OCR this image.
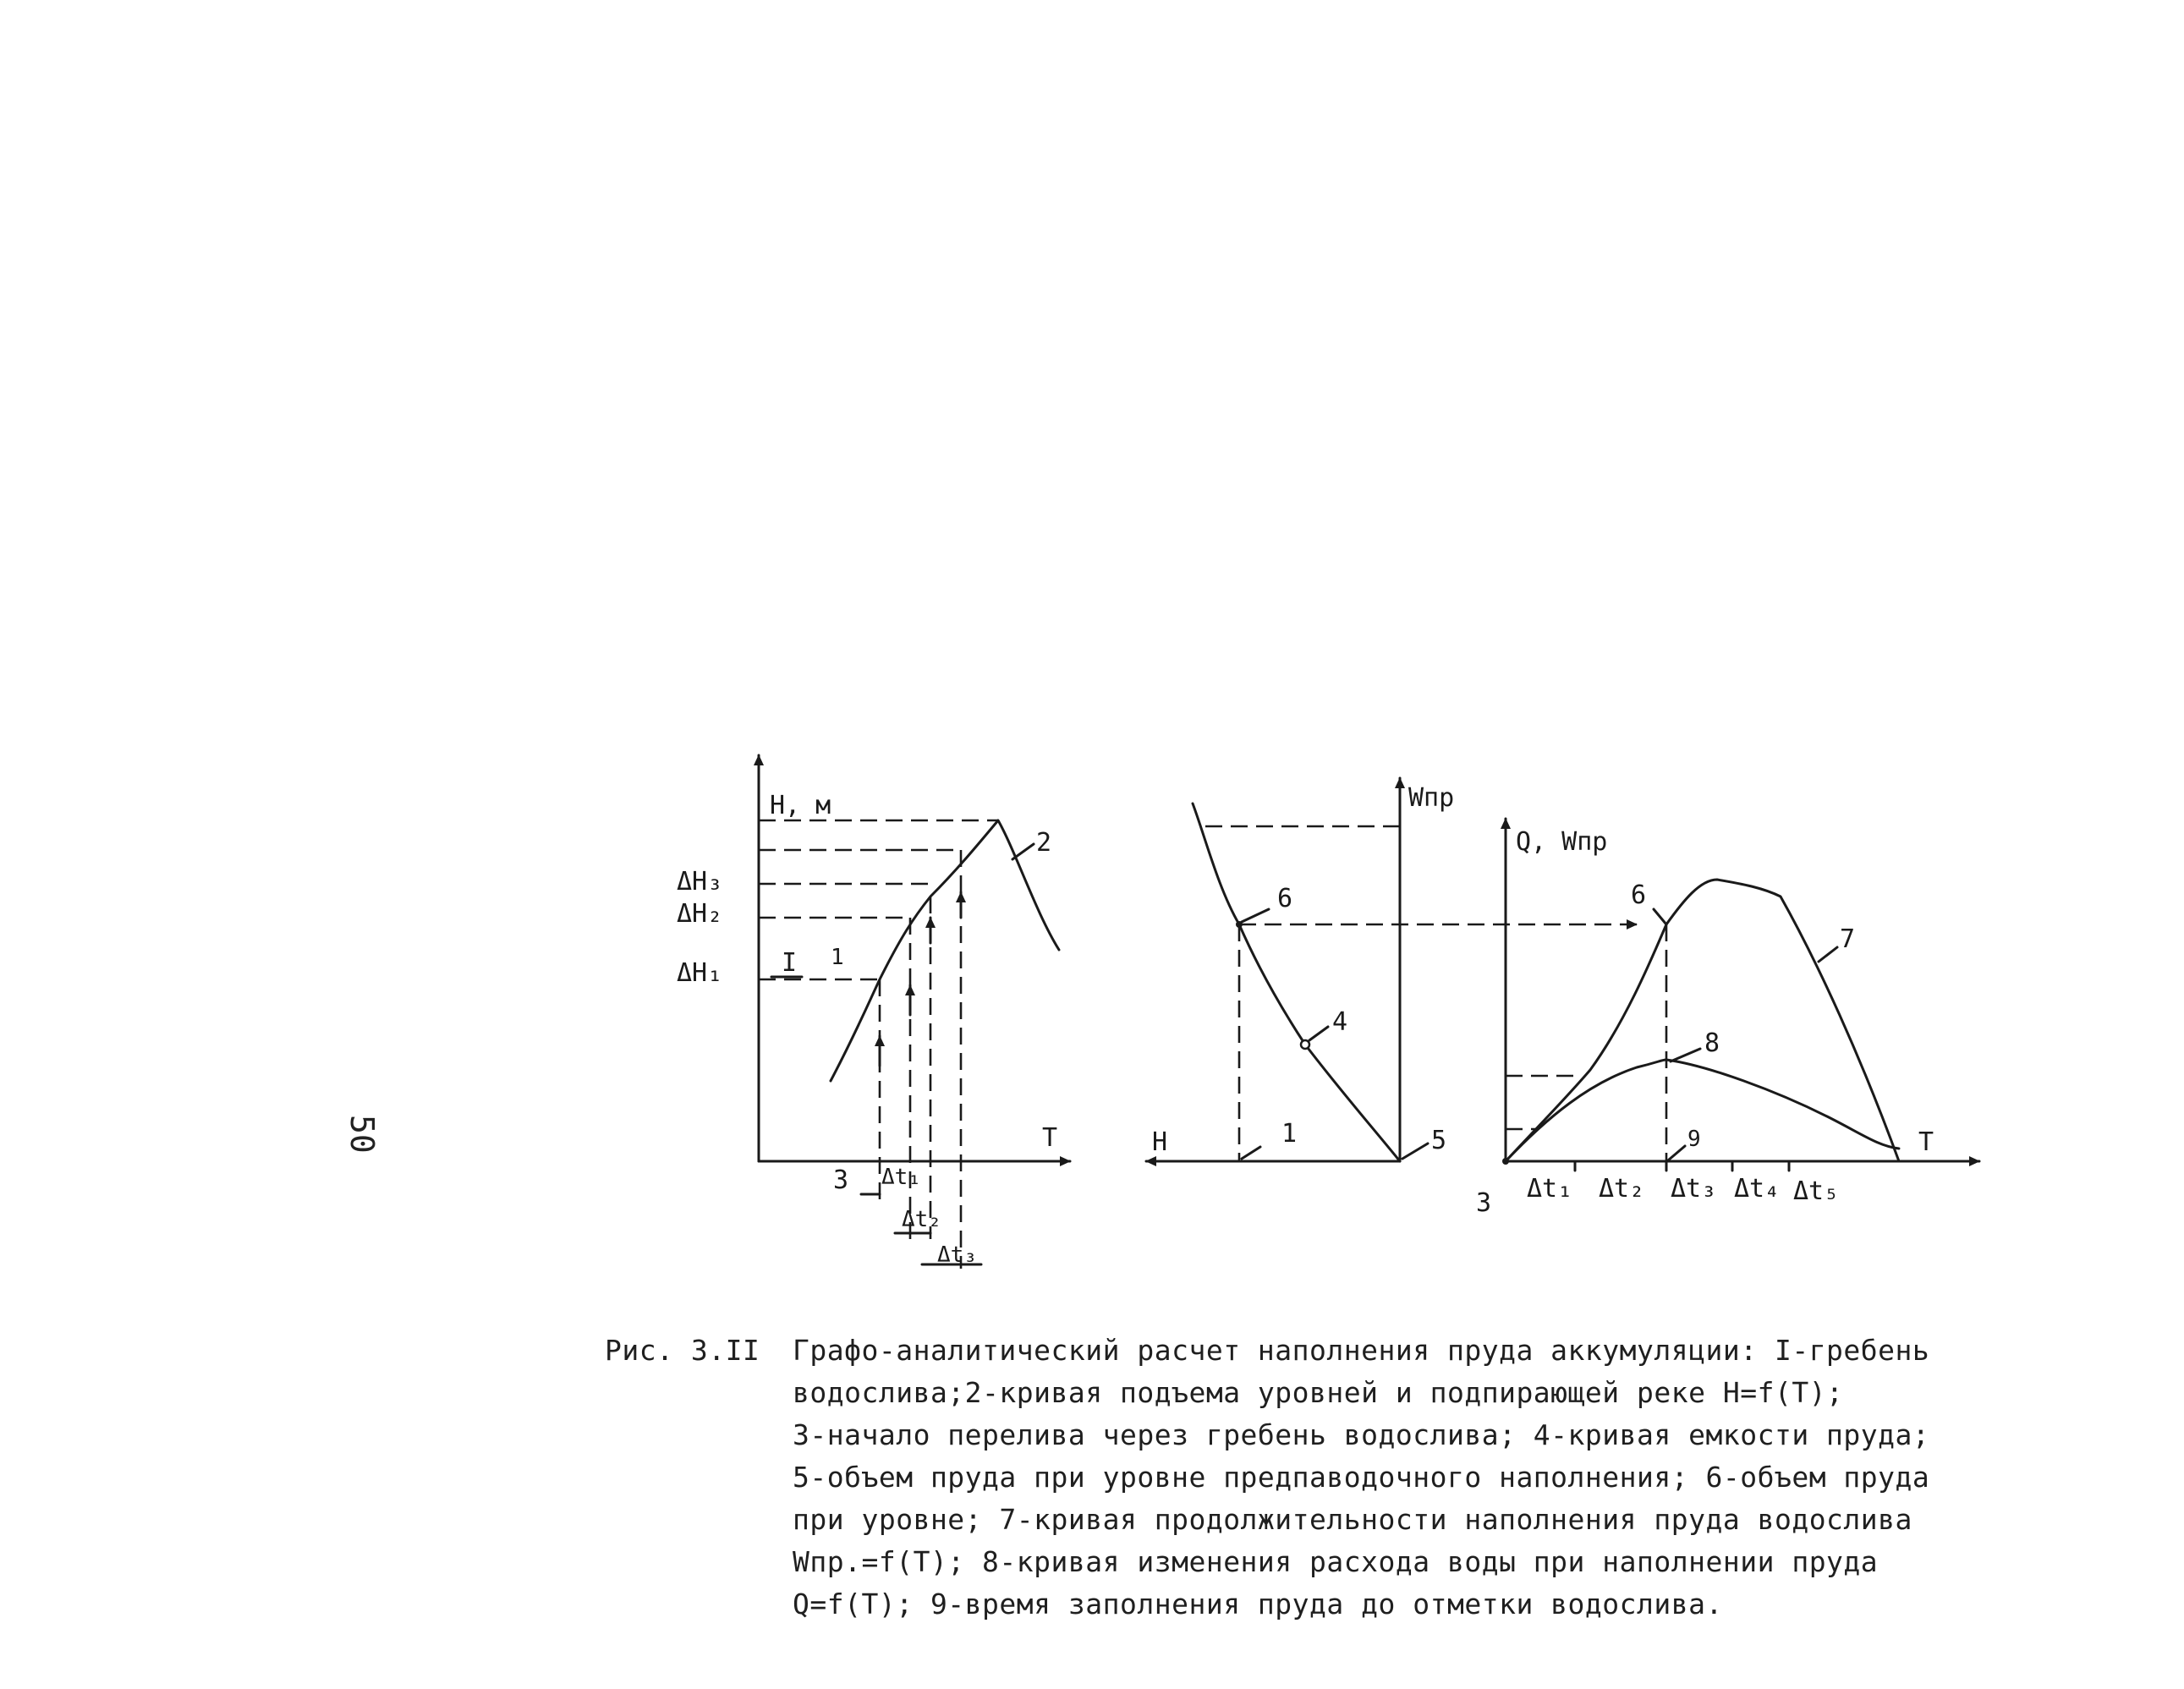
H, м
T
ΔH₃
ΔH₂
ΔH₁ I 1
2
3 Δt₁
Δt₂
Δt₃
Wпр
H
6
4
1	5
Q, Wпр
T
6
7
8
9
3 Δt₁ Δt₂ Δt₃ Δt₄ Δt₅
50
Рис. 3.II Графо-аналитический расчет наполнения пруда аккумуляции: I-гребень
водослива;2-кривая подъема уровней и подпирающей реке H=f(T);
3-начало перелива через гребень водослива; 4-кривая емкости пруда;
5-объем пруда при уровне предпаводочного наполнения; 6-объем пруда
при уровне; 7-кривая продолжительности наполнения пруда водослива
Wпр.=f(T); 8-кривая изменения расхода воды при наполнении пруда
Q=f(T); 9-время заполнения пруда до отметки водослива.
